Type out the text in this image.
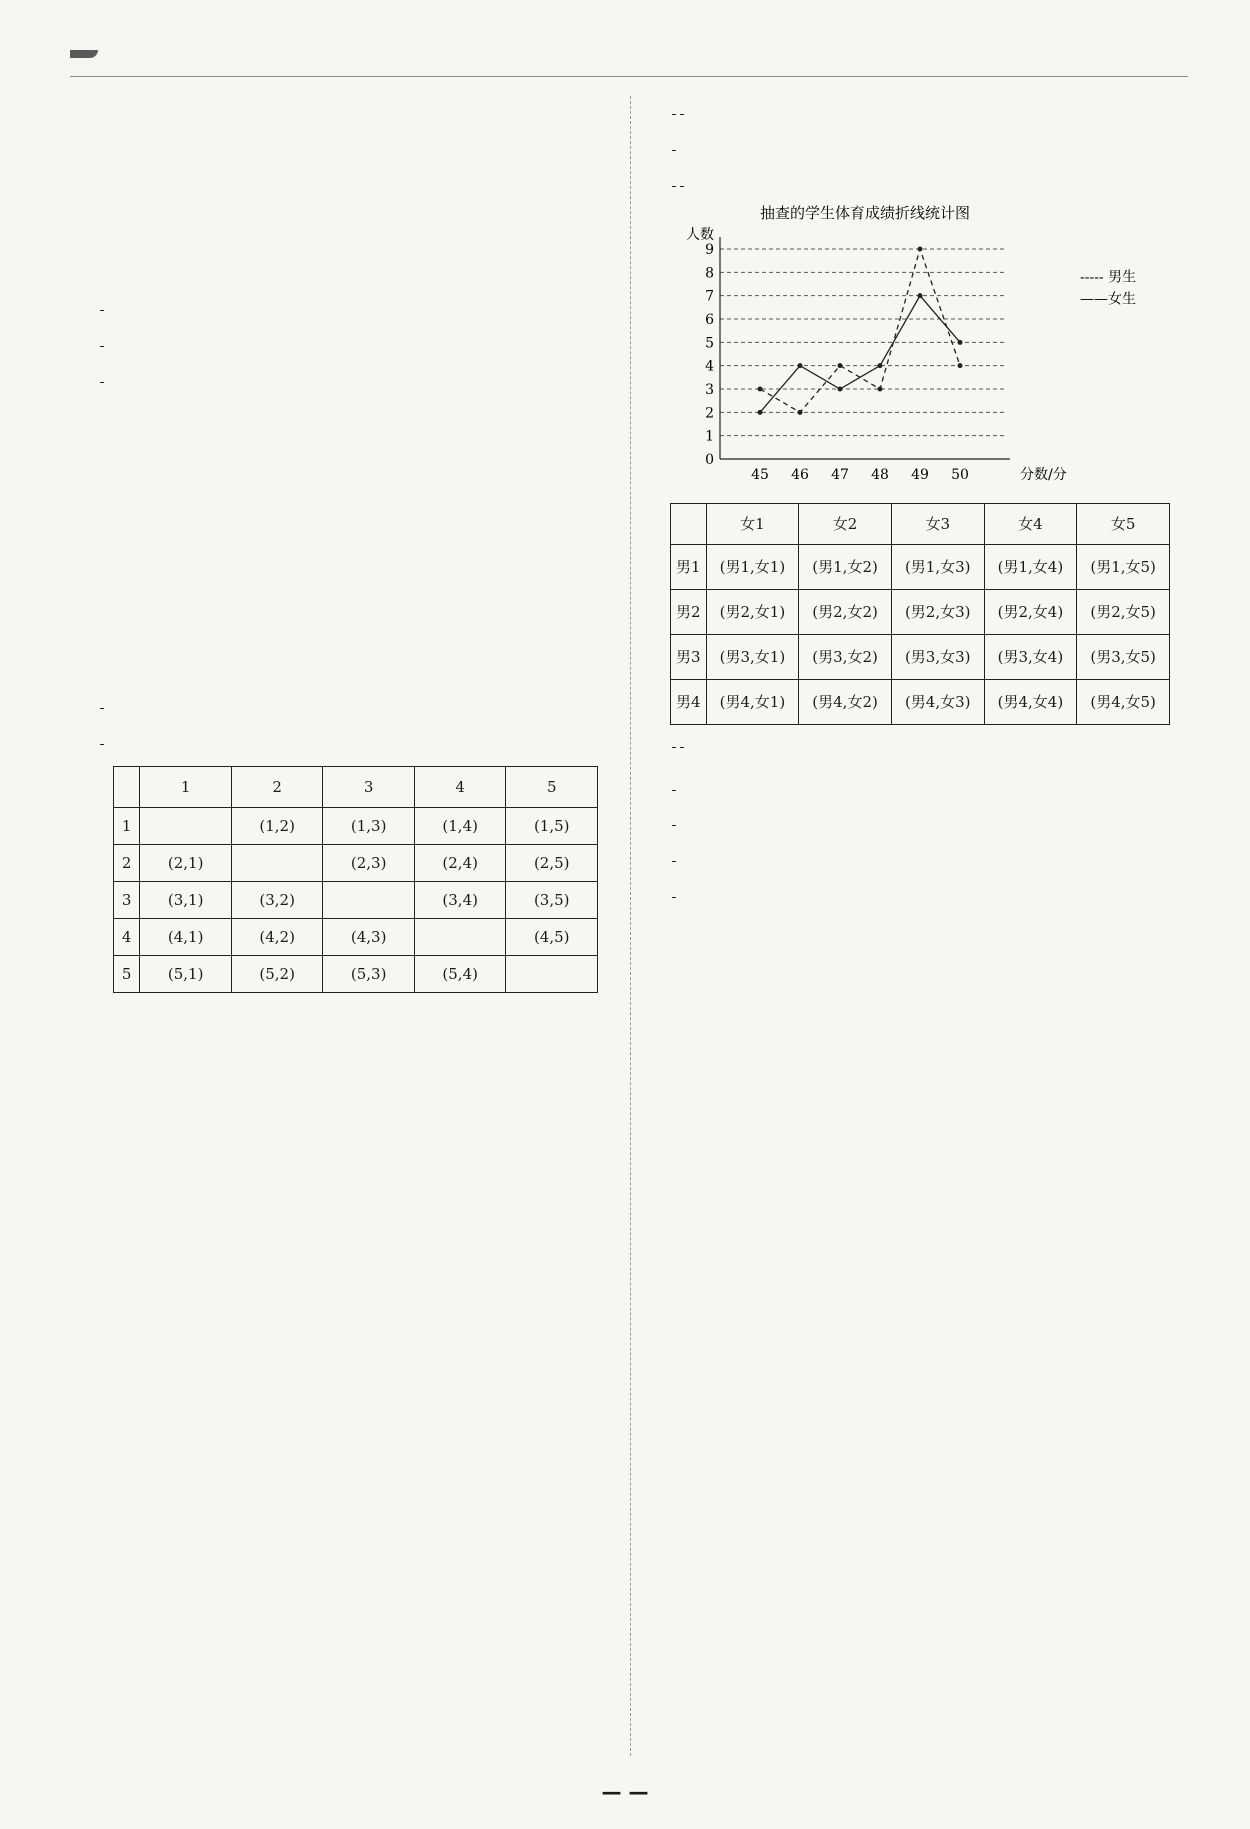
	1	2	3	4	5
1		(1,2)	(1,3)	(1,4)	(1,5)
2	(2,1)		(2,3)	(2,4)	(2,5)
3	(3,1)	(3,2)		(3,4)	(3,5)
4	(4,1)	(4,2)	(4,3)		(4,5)
5	(5,1)	(5,2)	(5,3)	(5,4)	

抽查的学生体育成绩折线统计图
人数
0
1
2
3
4
5
6
7
8
9
45 46 47 48 49 50	分数/分
----- 男生
——女生

	女1	女2	女3	女4	女5
男1	(男1,女1)	(男1,女2)	(男1,女3)	(男1,女4)	(男1,女5)
男2	(男2,女1)	(男2,女2)	(男2,女3)	(男2,女4)	(男2,女5)
男3	(男3,女1)	(男3,女2)	(男3,女3)	(男3,女4)	(男3,女5)
男4	(男4,女1)	(男4,女2)	(男4,女3)	(男4,女4)	(男4,女5)

— —
